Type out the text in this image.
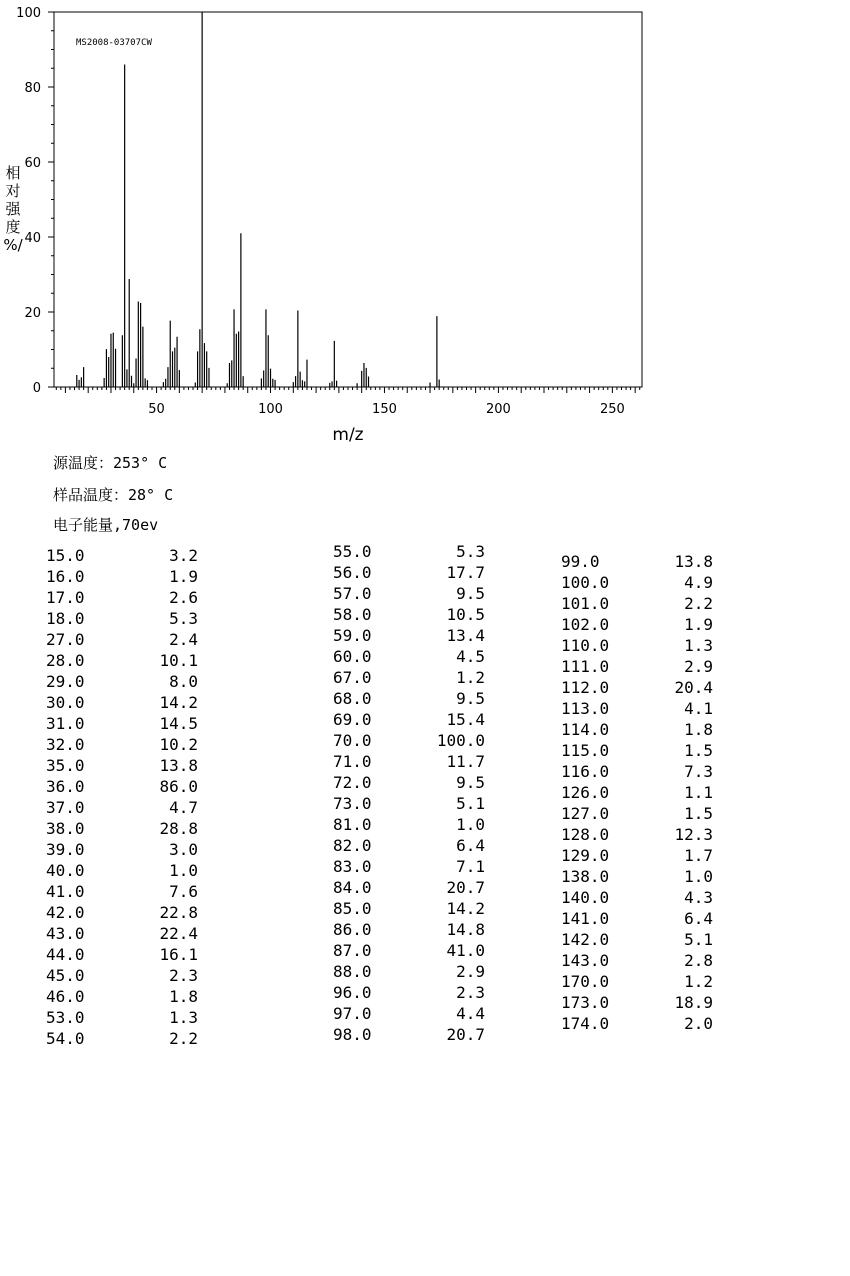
MS2008-03707CW
0
20
40
60
80
100
50	100	150	200	250
相
对
强
度
%/
m/z
源温度：253° C
样品温度：28° C
电子能量,70ev
15.0	3.2
16.0	1.9
17.0	2.6
18.0	5.3
27.0	2.4
28.0	10.1
29.0	8.0
30.0	14.2
31.0	14.5
32.0	10.2
35.0	13.8
36.0	86.0
37.0	4.7
38.0	28.8
39.0	3.0
40.0	1.0
41.0	7.6
42.0	22.8
43.0	22.4
44.0	16.1
45.0	2.3
46.0	1.8
53.0	1.3
54.0	2.2
55.0	5.3
56.0	17.7
57.0	9.5
58.0	10.5
59.0	13.4
60.0	4.5
67.0	1.2
68.0	9.5
69.0	15.4
70.0	100.0
71.0	11.7
72.0	9.5
73.0	5.1
81.0	1.0
82.0	6.4
83.0	7.1
84.0	20.7
85.0	14.2
86.0	14.8
87.0	41.0
88.0	2.9
96.0	2.3
97.0	4.4
98.0	20.7
99.0	13.8
100.0	4.9
101.0	2.2
102.0	1.9
110.0	1.3
111.0	2.9
112.0	20.4
113.0	4.1
114.0	1.8
115.0	1.5
116.0	7.3
126.0	1.1
127.0	1.5
128.0	12.3
129.0	1.7
138.0	1.0
140.0	4.3
141.0	6.4
142.0	5.1
143.0	2.8
170.0	1.2
173.0	18.9
174.0	2.0
